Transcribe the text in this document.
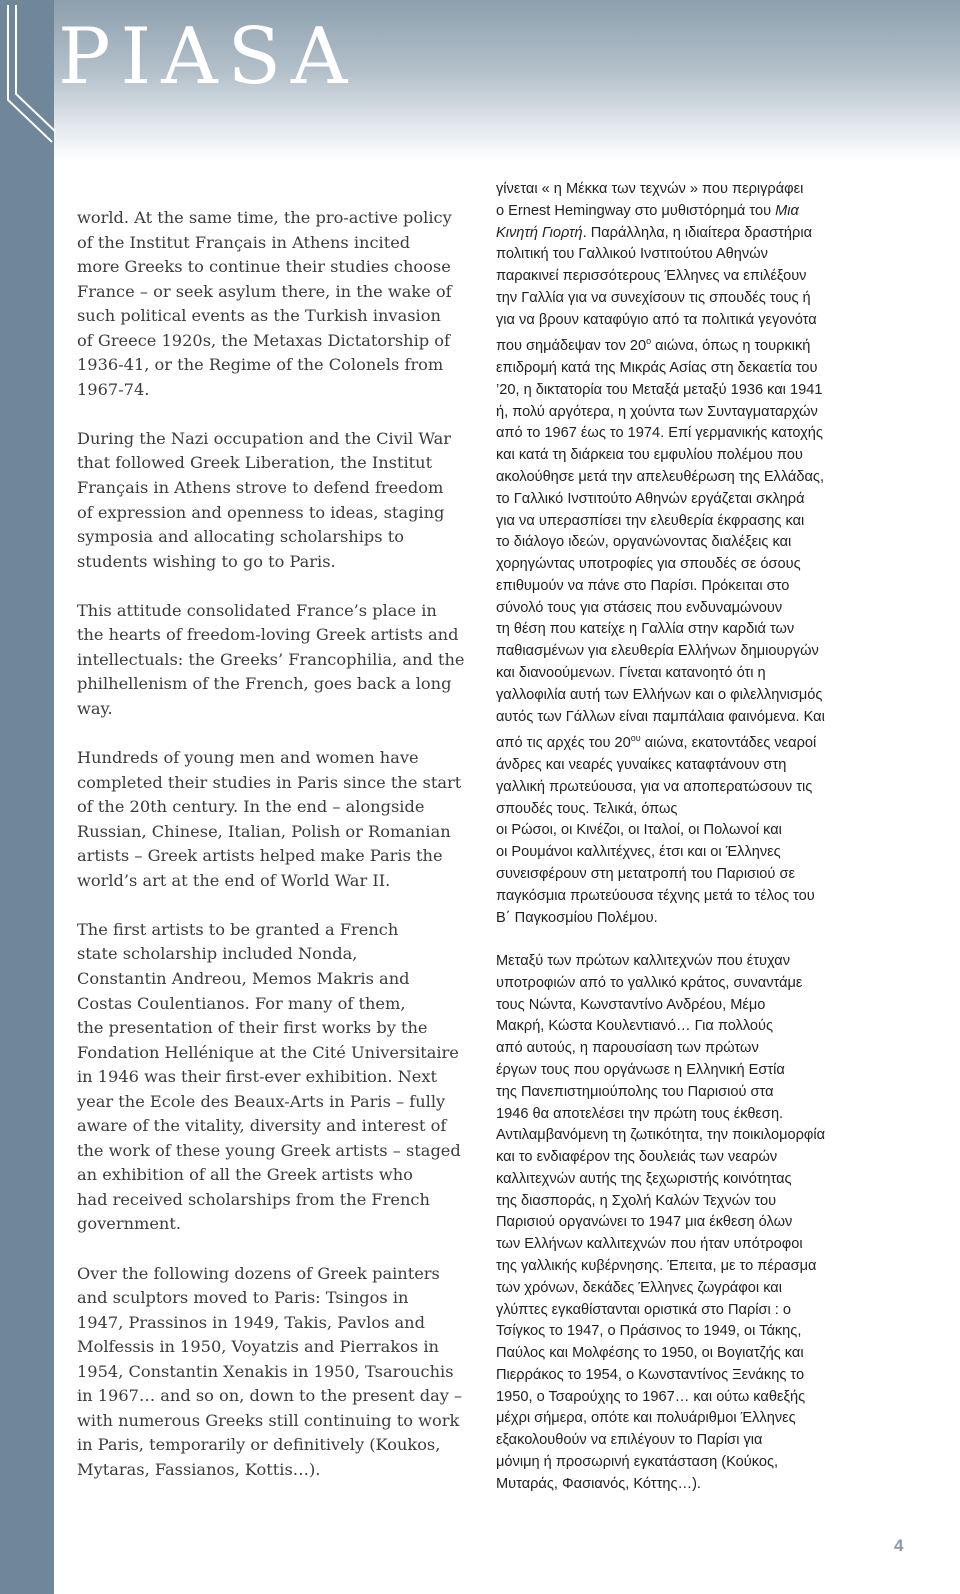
PIASA

world. At the same time, the pro-active policy
of the Institut Français in Athens incited
more Greeks to continue their studies choose
France – or seek asylum there, in the wake of
such political events as the Turkish invasion
of Greece 1920s, the Metaxas Dictatorship of
1936-41, or the Regime of the Colonels from
1967-74.

During the Nazi occupation and the Civil War
that followed Greek Liberation, the Institut
Français in Athens strove to defend freedom
of expression and openness to ideas, staging
symposia and allocating scholarships to
students wishing to go to Paris.

This attitude consolidated France’s place in
the hearts of freedom-loving Greek artists and
intellectuals: the Greeks’ Francophilia, and the
philhellenism of the French, goes back a long
way.

Hundreds of young men and women have
completed their studies in Paris since the start
of the 20th century. In the end – alongside
Russian, Chinese, Italian, Polish or Romanian
artists – Greek artists helped make Paris the
world’s art at the end of World War II.

The first artists to be granted a French
state scholarship included Nonda,
Constantin Andreou, Memos Makris and
Costas Coulentianos. For many of them,
the presentation of their first works by the
Fondation Hellénique at the Cité Universitaire
in 1946 was their first-ever exhibition. Next
year the Ecole des Beaux-Arts in Paris – fully
aware of the vitality, diversity and interest of
the work of these young Greek artists – staged
an exhibition of all the Greek artists who
had received scholarships from the French
government.

Over the following dozens of Greek painters
and sculptors moved to Paris: Tsingos in
1947, Prassinos in 1949, Takis, Pavlos and
Molfessis in 1950, Voyatzis and Pierrakos in
1954, Constantin Xenakis in 1950, Tsarouchis
in 1967… and so on, down to the present day –
with numerous Greeks still continuing to work
in Paris, temporarily or definitively (Koukos,
Mytaras, Fassianos, Kottis…).

γίνεται « η Μέκκα των τεχνών » που περιγράφει
ο Ernest Hemingway στο μυθιστόρημά του Μια
Κινητή Γιορτή. Παράλληλα, η ιδιαίτερα δραστήρια
πολιτική του Γαλλικού Ινστιτούτου Αθηνών
παρακινεί περισσότερους Έλληνες να επιλέξουν
την Γαλλία για να συνεχίσουν τις σπουδές τους ή
για να βρουν καταφύγιο από τα πολιτικά γεγονότα
που σημάδεψαν τον $20^o$ αιώνα, όπως η τουρκική
επιδρομή κατά της Μικράς Ασίας στη δεκαετία του
’20, η δικτατορία του Μεταξά μεταξύ 1936 και 1941
ή, πολύ αργότερα, η χούντα των Συνταγματαρχών
από το 1967 έως το 1974. Επί γερμανικής κατοχής
και κατά τη διάρκεια του εμφυλίου πολέμου που
ακολούθησε μετά την απελευθέρωση της Ελλάδας,
το Γαλλικό Ινστιτούτο Αθηνών εργάζεται σκληρά
για να υπερασπίσει την ελευθερία έκφρασης και
το διάλογο ιδεών, οργανώνοντας διαλέξεις και
χορηγώντας υποτροφίες για σπουδές σε όσους
επιθυμούν να πάνε στο Παρίσι. Πρόκειται στο
σύνολό τους για στάσεις που ενδυναμώνουν
τη θέση που κατείχε η Γαλλία στην καρδιά των
παθιασμένων για ελευθερία Ελλήνων δημιουργών
και διανοούμενων. Γίνεται κατανοητό ότι η
γαλλοφιλία αυτή των Ελλήνων και ο φιλελληνισμός
αυτός των Γάλλων είναι παμπάλαια φαινόμενα. Και
από τις αρχές του $20^{o\upsilon}$ αιώνα, εκατοντάδες νεαροί
άνδρες και νεαρές γυναίκες καταφτάνουν στη
γαλλική πρωτεύουσα, για να αποπερατώσουν τις
σπουδές τους. Τελικά, όπως
οι Ρώσοι, οι Κινέζοι, οι Ιταλοί, οι Πολωνοί και
οι Ρουμάνοι καλλιτέχνες, έτσι και οι Έλληνες
συνεισφέρουν στη μετατροπή του Παρισιού σε
παγκόσμια πρωτεύουσα τέχνης μετά το τέλος του
Β΄ Παγκοσμίου Πολέμου.

Μεταξύ των πρώτων καλλιτεχνών που έτυχαν
υποτροφιών από το γαλλικό κράτος, συναντάμε
τους Νώντα, Κωνσταντίνο Ανδρέου, Μέμο
Μακρή, Κώστα Κουλεντιανό… Για πολλούς
από αυτούς, η παρουσίαση των πρώτων
έργων τους που οργάνωσε η Ελληνική Εστία
της Πανεπιστημιούπολης του Παρισιού στα
1946 θα αποτελέσει την πρώτη τους έκθεση.
Αντιλαμβανόμενη τη ζωτικότητα, την ποικιλομορφία
και το ενδιαφέρον της δουλειάς των νεαρών
καλλιτεχνών αυτής της ξεχωριστής κοινότητας
της διασποράς, η Σχολή Καλών Τεχνών του
Παρισιού οργανώνει το 1947 μια έκθεση όλων
των Ελλήνων καλλιτεχνών που ήταν υπότροφοι
της γαλλικής κυβέρνησης. Έπειτα, με το πέρασμα
των χρόνων, δεκάδες Έλληνες ζωγράφοι και
γλύπτες εγκαθίστανται οριστικά στο Παρίσι : ο
Τσίγκος το 1947, ο Πράσινος το 1949, οι Τάκης,
Παύλος και Μολφέσης το 1950, οι Βογιατζής και
Πιερράκος το 1954, ο Κωνσταντίνος Ξενάκης το
1950, ο Τσαρούχης το 1967… και ούτω καθεξής
μέχρι σήμερα, οπότε και πολυάριθμοι Έλληνες
εξακολουθούν να επιλέγουν το Παρίσι για
μόνιμη ή προσωρινή εγκατάσταση (Κούκος,
Μυταράς, Φασιανός, Κόττης…).

4
